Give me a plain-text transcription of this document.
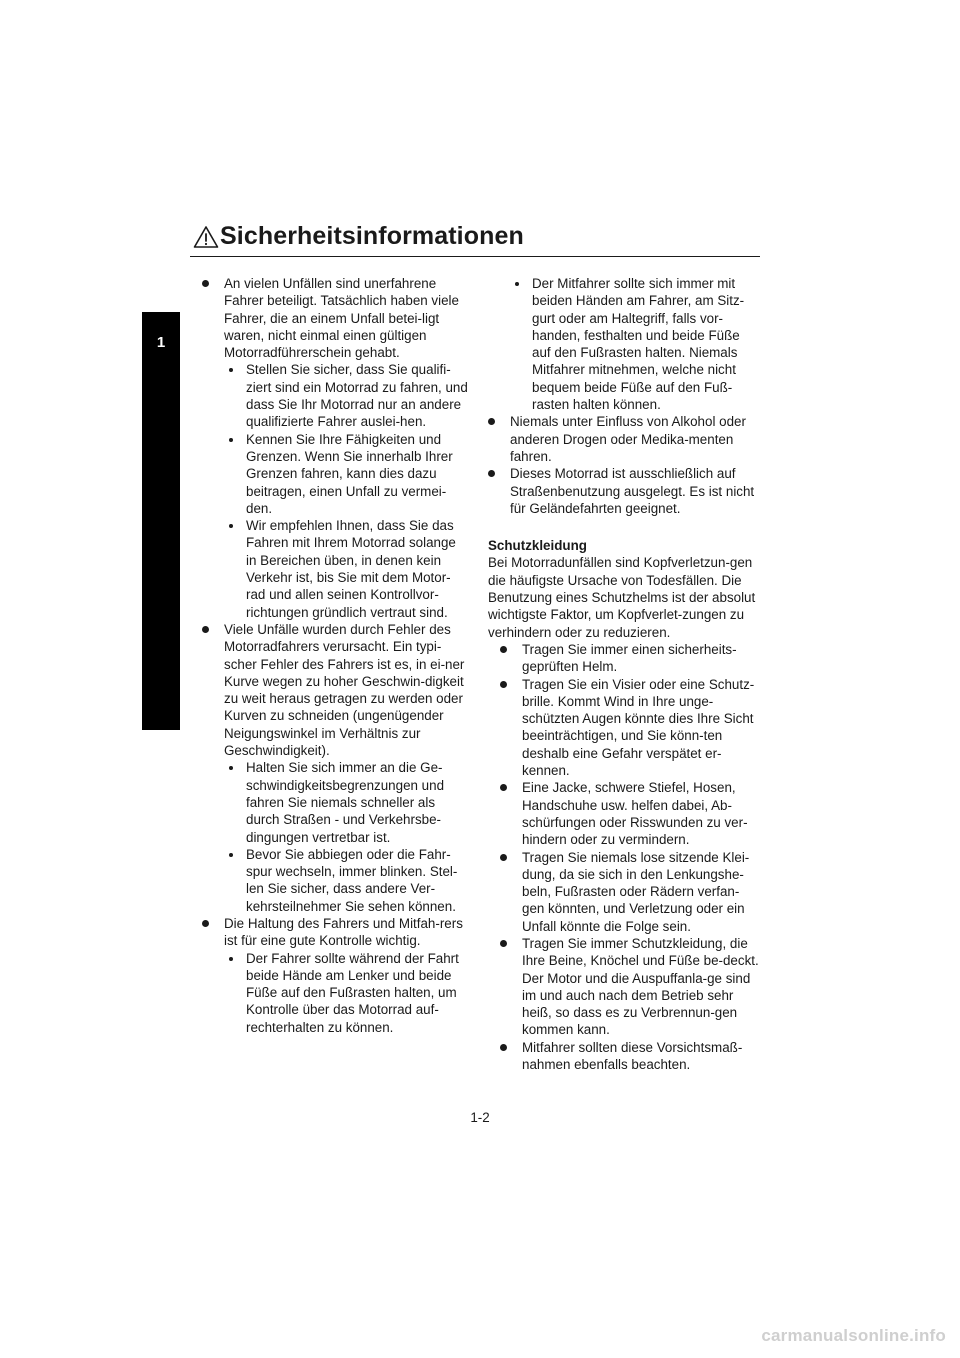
1
Sicherheitsinformationen
An vielen Unfällen sind unerfahrene Fahrer beteiligt. Tatsächlich haben viele Fahrer, die an einem Unfall betei-ligt waren, nicht einmal einen gültigen Motorradführerschein gehabt.
Stellen Sie sicher, dass Sie qualifi-ziert sind ein Motorrad zu fahren, und dass Sie Ihr Motorrad nur an andere qualifizierte Fahrer auslei-hen.
Kennen Sie Ihre Fähigkeiten und Grenzen. Wenn Sie innerhalb Ihrer Grenzen fahren, kann dies dazu beitragen, einen Unfall zu vermei-den.
Wir empfehlen Ihnen, dass Sie das Fahren mit Ihrem Motorrad solange in Bereichen üben, in denen kein Verkehr ist, bis Sie mit dem Motor-rad und allen seinen Kontrollvor-richtungen gründlich vertraut sind.
Viele Unfälle wurden durch Fehler des Motorradfahrers verursacht. Ein typi-scher Fehler des Fahrers ist es, in ei-ner Kurve wegen zu hoher Geschwin-digkeit zu weit heraus getragen zu werden oder Kurven zu schneiden (ungenügender Neigungswinkel im Verhältnis zur Geschwindigkeit).
Halten Sie sich immer an die Ge-schwindigkeitsbegrenzungen und fahren Sie niemals schneller als durch Straßen - und Verkehrsbe-dingungen vertretbar ist.
Bevor Sie abbiegen oder die Fahr-spur wechseln, immer blinken. Stel-len Sie sicher, dass andere Ver-kehrsteilnehmer Sie sehen können.
Die Haltung des Fahrers und Mitfah-rers ist für eine gute Kontrolle wichtig.
Der Fahrer sollte während der Fahrt beide Hände am Lenker und beide Füße auf den Fußrasten halten, um Kontrolle über das Motorrad auf-rechterhalten zu können.
Der Mitfahrer sollte sich immer mit beiden Händen am Fahrer, am Sitz-gurt oder am Haltegriff, falls vor-handen, festhalten und beide Füße auf den Fußrasten halten. Niemals Mitfahrer mitnehmen, welche nicht bequem beide Füße auf den Fuß-rasten halten können.
Niemals unter Einfluss von Alkohol oder anderen Drogen oder Medika-menten fahren.
Dieses Motorrad ist ausschließlich auf Straßenbenutzung ausgelegt. Es ist nicht für Geländefahrten geeignet.
Schutzkleidung
Bei Motorradunfällen sind Kopfverletzun-gen die häufigste Ursache von Todesfällen. Die Benutzung eines Schutzhelms ist der absolut wichtigste Faktor, um Kopfverlet-zungen zu verhindern oder zu reduzieren.
Tragen Sie immer einen sicherheits-geprüften Helm.
Tragen Sie ein Visier oder eine Schutz-brille. Kommt Wind in Ihre unge-schützten Augen könnte dies Ihre Sicht beeinträchtigen, und Sie könn-ten deshalb eine Gefahr verspätet er-kennen.
Eine Jacke, schwere Stiefel, Hosen, Handschuhe usw. helfen dabei, Ab-schürfungen oder Risswunden zu ver-hindern oder zu vermindern.
Tragen Sie niemals lose sitzende Klei-dung, da sie sich in den Lenkungshe-beln, Fußrasten oder Rädern verfan-gen könnten, und Verletzung oder ein Unfall könnte die Folge sein.
Tragen Sie immer Schutzkleidung, die Ihre Beine, Knöchel und Füße be-deckt. Der Motor und die Auspuffanla-ge sind im und auch nach dem Betrieb sehr heiß, so dass es zu Verbrennun-gen kommen kann.
Mitfahrer sollten diese Vorsichtsmaß-nahmen ebenfalls beachten.
1-2
carmanualsonline.info
